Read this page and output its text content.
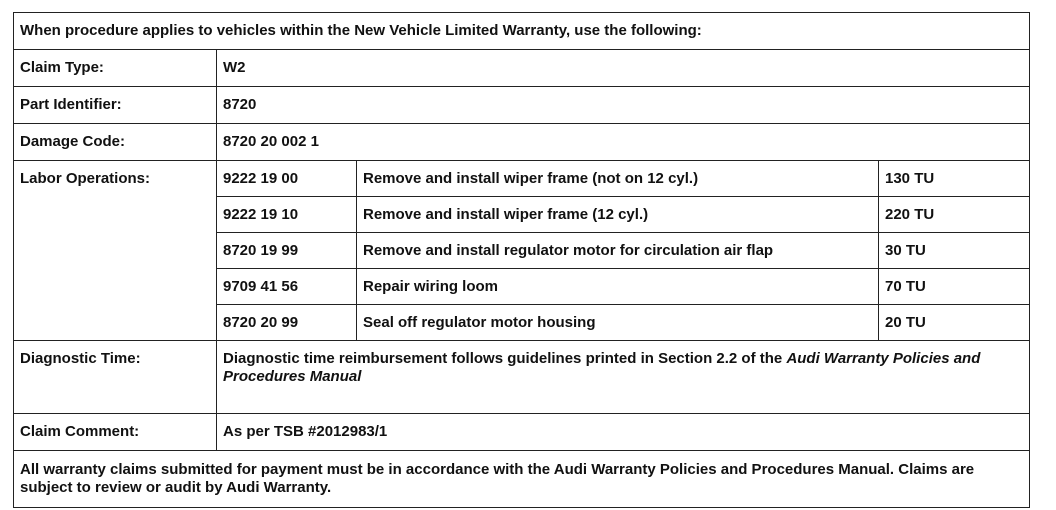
When procedure applies to vehicles within the New Vehicle Limited Warranty, use the following:			
Claim Type:	W2		
Part Identifier:	8720		
Damage Code:	8720 20 002 1		
Labor Operations:	9222 19 00	Remove and install wiper frame (not on 12 cyl.)	130 TU
	9222 19 10	Remove and install wiper frame (12 cyl.)	220 TU
	8720 19 99	Remove and install regulator motor for circulation air flap	30 TU
	9709 41 56	Repair wiring loom	70 TU
	8720 20 99	Seal off regulator motor housing	20 TU
Diagnostic Time:	Diagnostic time reimbursement follows guidelines printed in Section 2.2 of the Audi Warranty Policies and Procedures Manual		
Claim Comment:	As per TSB #2012983/1		
All warranty claims submitted for payment must be in accordance with the Audi Warranty Policies and Procedures Manual. Claims are subject to review or audit by Audi Warranty.			
